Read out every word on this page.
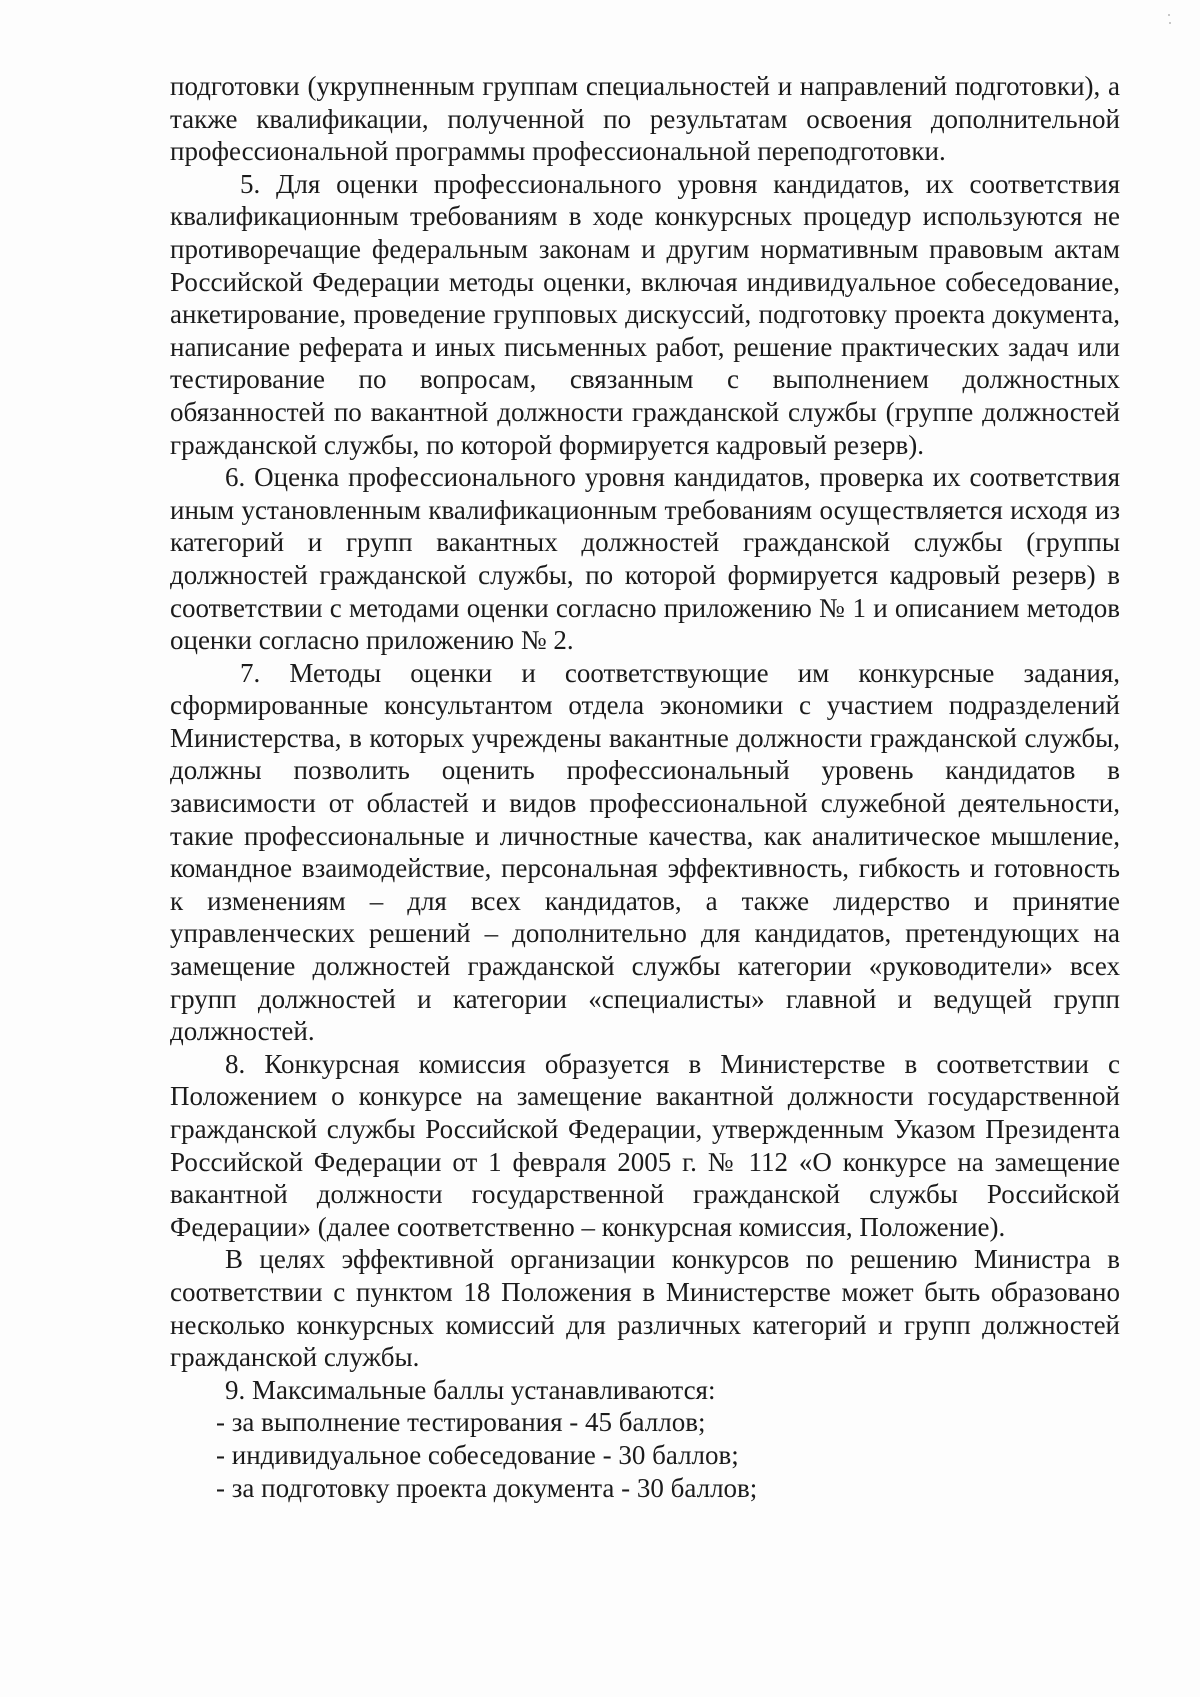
подготовки (укрупненным группам специальностей и направлений подготовки), а также квалификации, полученной по результатам освоения дополнительной профессиональной программы профессиональной переподготовки.

5. Для оценки профессионального уровня кандидатов, их соответствия квалификационным требованиям в ходе конкурсных процедур используются не противоречащие федеральным законам и другим нормативным правовым актам Российской Федерации методы оценки, включая индивидуальное собеседование, анкетирование, проведение групповых дискуссий, подготовку проекта документа, написание реферата и иных письменных работ, решение практических задач или тестирование по вопросам, связанным с выполнением должностных обязанностей по вакантной должности гражданской службы (группе должностей гражданской службы, по которой формируется кадровый резерв).

6. Оценка профессионального уровня кандидатов, проверка их соответствия иным установленным квалификационным требованиям осуществляется исходя из категорий и групп вакантных должностей гражданской службы (группы должностей гражданской службы, по которой формируется кадровый резерв) в соответствии с методами оценки согласно приложению № 1 и описанием методов оценки согласно приложению № 2.

7. Методы оценки и соответствующие им конкурсные задания, сформированные консультантом отдела экономики с участием подразделений Министерства, в которых учреждены вакантные должности гражданской службы, должны позволить оценить профессиональный уровень кандидатов в зависимости от областей и видов профессиональной служебной деятельности, такие профессиональные и личностные качества, как аналитическое мышление, командное взаимодействие, персональная эффективность, гибкость и готовность к изменениям – для всех кандидатов, а также лидерство и принятие управленческих решений – дополнительно для кандидатов, претендующих на замещение должностей гражданской службы категории «руководители» всех групп должностей и категории «специалисты» главной и ведущей групп должностей.

8. Конкурсная комиссия образуется в Министерстве в соответствии с Положением о конкурсе на замещение вакантной должности государственной гражданской службы Российской Федерации, утвержденным Указом Президента Российской Федерации от 1 февраля 2005 г. № 112 «О конкурсе на замещение вакантной должности государственной гражданской службы Российской Федерации» (далее соответственно – конкурсная комиссия, Положение).

В целях эффективной организации конкурсов по решению Министра в соответствии с пунктом 18 Положения в Министерстве может быть образовано несколько конкурсных комиссий для различных категорий и групп должностей гражданской службы.

9. Максимальные баллы устанавливаются:

- за выполнение тестирования - 45 баллов;

- индивидуальное собеседование - 30 баллов;

- за подготовку проекта документа - 30 баллов;
